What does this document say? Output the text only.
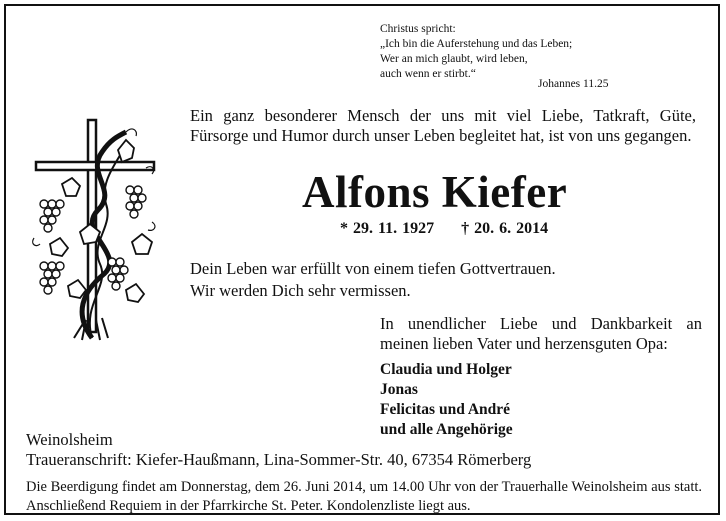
Christus spricht:
„Ich bin die Auferstehung und das Leben;
Wer an mich glaubt, wird leben,
auch wenn er stirbt.“
Johannes 11.25
Ein ganz besonderer Mensch der uns mit viel Liebe, Tatkraft, Güte, Fürsorge und Humor durch unser Leben begleitet hat, ist von uns gegangen.
Alfons Kiefer
* 29. 11. 1927 † 20. 6. 2014
Dein Leben war erfüllt von einem tiefen Gottvertrauen.
Wir werden Dich sehr vermissen.
In unendlicher Liebe und Dankbarkeit an meinen lieben Vater und herzensguten Opa:
Claudia und Holger
Jonas
Felicitas und André
und alle Angehörige
Weinolsheim
Traueranschrift: Kiefer-Haußmann, Lina-Sommer-Str. 40, 67354 Römerberg
Die Beerdigung findet am Donnerstag, dem 26. Juni 2014, um 14.00 Uhr von der Trauerhalle Weinolsheim aus statt. Anschließend Requiem in der Pfarrkirche St. Peter. Kondolenzliste liegt aus.
